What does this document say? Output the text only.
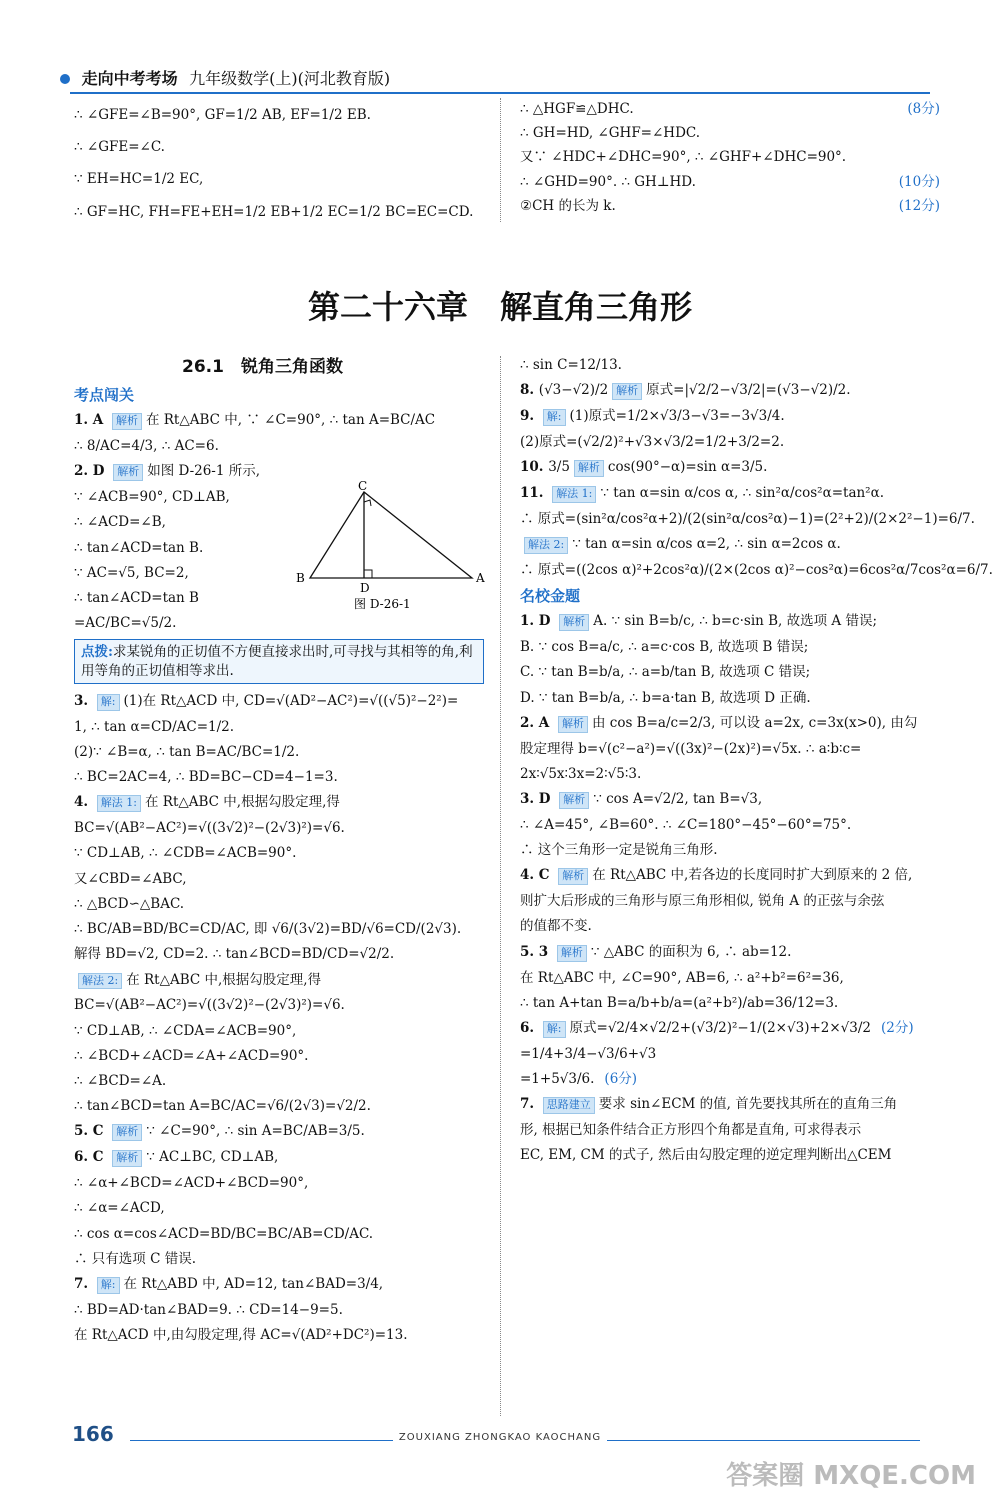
走向中考考场 九年级数学(上)(河北教育版)
∴ ∠GFE=∠B=90°, GF=1/2 AB, EF=1/2 EB.
∴ ∠GFE=∠C.
∵ EH=HC=1/2 EC,
∴ GF=HC, FH=FE+EH=1/2 EB+1/2 EC=1/2 BC=EC=CD.
∴ △HGF≌△DHC.	(8分)
∴ GH=HD, ∠GHF=∠HDC.
又∵ ∠HDC+∠DHC=90°, ∴ ∠GHF+∠DHC=90°.
∴ ∠GHD=90°. ∴ GH⊥HD.	(10分)
②CH 的长为 k.	(12分)
第二十六章　解直角三角形
26.1　锐角三角函数
考点闯关
1. A 解析 在 Rt△ABC 中, ∵ ∠C=90°, ∴ tan A=BC/AC
∴ 8/AC=4/3, ∴ AC=6.
2. D 解析 如图 D-26-1 所示,
∵ ∠ACB=90°, CD⊥AB,
∴ ∠ACD=∠B,
∴ tan∠ACD=tan B.
∵ AC=√5, BC=2,
∴ tan∠ACD=tan B
=AC/BC=√5/2.
点拨:求某锐角的正切值不方便直接求出时,可寻找与其相等的角,利用等角的正切值相等求出.
3. 解: (1)在 Rt△ACD 中, CD=√(AD²−AC²)=√((√5)²−2²)=
1, ∴ tan α=CD/AC=1/2.
(2)∵ ∠B=α, ∴ tan B=AC/BC=1/2.
∴ BC=2AC=4, ∴ BD=BC−CD=4−1=3.
4. 解法 1: 在 Rt△ABC 中,根据勾股定理,得
BC=√(AB²−AC²)=√((3√2)²−(2√3)²)=√6.
∵ CD⊥AB, ∴ ∠CDB=∠ACB=90°.
又∠CBD=∠ABC,
∴ △BCD∽△BAC.
∴ BC/AB=BD/BC=CD/AC, 即 √6/(3√2)=BD/√6=CD/(2√3).
解得 BD=√2, CD=2. ∴ tan∠BCD=BD/CD=√2/2.
解法 2: 在 Rt△ABC 中,根据勾股定理,得
BC=√(AB²−AC²)=√((3√2)²−(2√3)²)=√6.
∵ CD⊥AB, ∴ ∠CDA=∠ACB=90°,
∴ ∠BCD+∠ACD=∠A+∠ACD=90°.
∴ ∠BCD=∠A.
∴ tan∠BCD=tan A=BC/AC=√6/(2√3)=√2/2.
5. C 解析 ∵ ∠C=90°, ∴ sin A=BC/AB=3/5.
6. C 解析 ∵ AC⊥BC, CD⊥AB,
∴ ∠α+∠BCD=∠ACD+∠BCD=90°,
∴ ∠α=∠ACD,
∴ cos α=cos∠ACD=BD/BC=BC/AB=CD/AC.
∴ 只有选项 C 错误.
7. 解: 在 Rt△ABD 中, AD=12, tan∠BAD=3/4,
∴ BD=AD·tan∠BAD=9. ∴ CD=14−9=5.
在 Rt△ACD 中,由勾股定理,得 AC=√(AD²+DC²)=13.
C
B
D
A
图 D-26-1
∴ sin C=12/13.
8. (√3−√2)/2 解析 原式=|√2/2−√3/2|=(√3−√2)/2.
9. 解: (1)原式=1/2×√3/3−√3=−3√3/4.
(2)原式=(√2/2)²+√3×√3/2=1/2+3/2=2.
10. 3/5 解析 cos(90°−α)=sin α=3/5.
11. 解法 1: ∵ tan α=sin α/cos α, ∴ sin²α/cos²α=tan²α.
∴ 原式=(sin²α/cos²α+2)/(2(sin²α/cos²α)−1)=(2²+2)/(2×2²−1)=6/7.
解法 2: ∵ tan α=sin α/cos α=2, ∴ sin α=2cos α.
∴ 原式=((2cos α)²+2cos²α)/(2×(2cos α)²−cos²α)=6cos²α/7cos²α=6/7.
名校金题
1. D 解析 A. ∵ sin B=b/c, ∴ b=c·sin B, 故选项 A 错误;
B. ∵ cos B=a/c, ∴ a=c·cos B, 故选项 B 错误;
C. ∵ tan B=b/a, ∴ a=b/tan B, 故选项 C 错误;
D. ∵ tan B=b/a, ∴ b=a·tan B, 故选项 D 正确.
2. A 解析 由 cos B=a/c=2/3, 可以设 a=2x, c=3x(x>0), 由勾
股定理得 b=√(c²−a²)=√((3x)²−(2x)²)=√5x. ∴ a∶b∶c=
2x∶√5x∶3x=2∶√5∶3.
3. D 解析 ∵ cos A=√2/2, tan B=√3,
∴ ∠A=45°, ∠B=60°. ∴ ∠C=180°−45°−60°=75°.
∴ 这个三角形一定是锐角三角形.
4. C 解析 在 Rt△ABC 中,若各边的长度同时扩大到原来的 2 倍,
则扩大后形成的三角形与原三角形相似, 锐角 A 的正弦与余弦
的值都不变.
5. 3 解析 ∵ △ABC 的面积为 6, ∴ ab=12.
在 Rt△ABC 中, ∠C=90°, AB=6, ∴ a²+b²=6²=36,
∴ tan A+tan B=a/b+b/a=(a²+b²)/ab=36/12=3.
6. 解: 原式=√2/4×√2/2+(√3/2)²−1/(2×√3)+2×√3/2 (2分)
=1/4+3/4−√3/6+√3
=1+5√3/6. (6分)
7. 思路建立 要求 sin∠ECM 的值, 首先要找其所在的直角三角
形, 根据已知条件结合正方形四个角都是直角, 可求得表示
EC, EM, CM 的式子, 然后由勾股定理的逆定理判断出△CEM
166	ZOUXIANG ZHONGKAO KAOCHANG
答案圈 MXQE.COM
